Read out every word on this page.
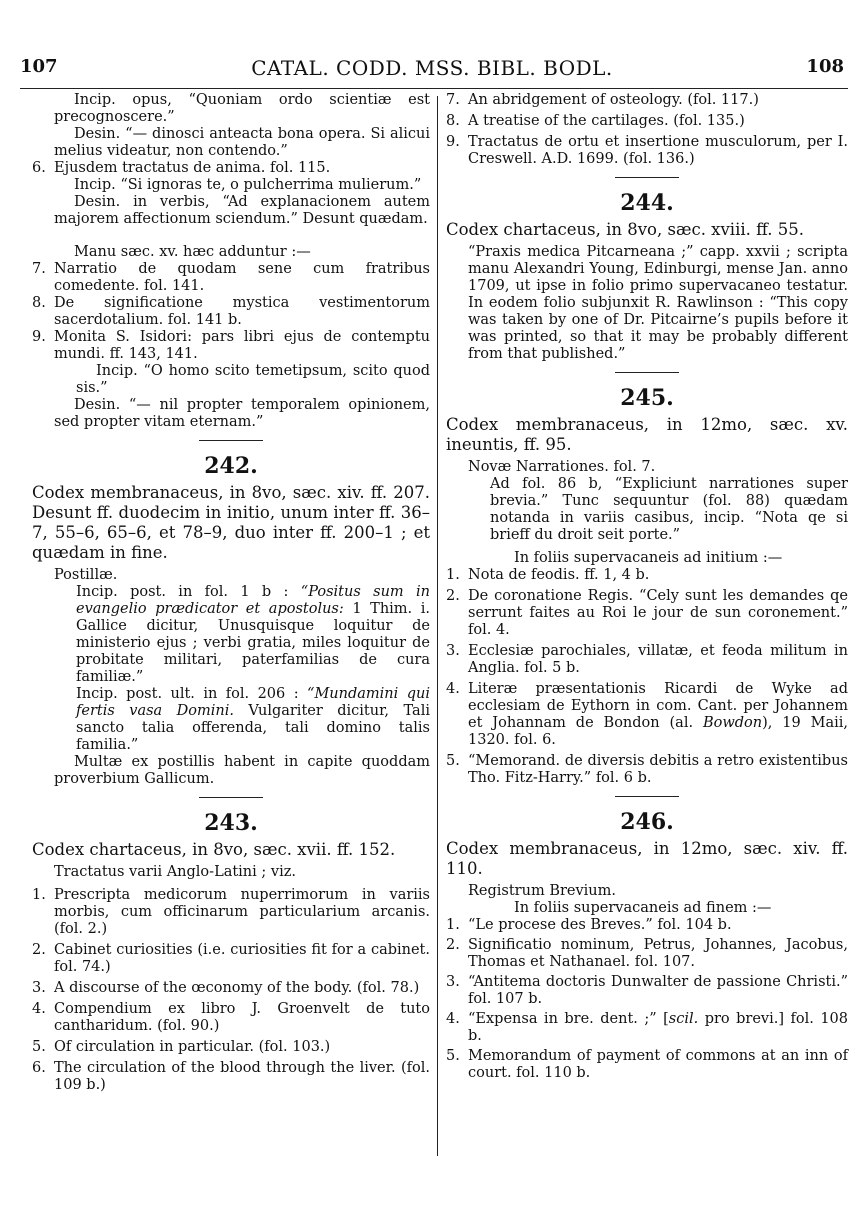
107	CATAL. CODD. MSS. BIBL. BODL.	108

Incip. opus, “Quoniam ordo scientiæ est precognoscere.”

Desin. “— dinosci anteacta bona opera. Si alicui melius videatur, non contendo.”

6. Ejusdem tractatus de anima. fol. 115.

Incip. “Si ignoras te, o pulcherrima mulierum.”

Desin. in verbis, “Ad explanacionem autem majorem affectionum sciendum.” Desunt quædam.

Manu sæc. xv. hæc adduntur :—

7. Narratio de quodam sene cum fratribus comedente. fol. 141.
8. De significatione mystica vestimentorum sacerdotalium. fol. 141 b.
9. Monita S. Isidori: pars libri ejus de contemptu mundi. ff. 143, 141.

Incip. “O homo scito temetipsum, scito quod sis.”

Desin. “— nil propter temporalem opinionem, sed propter vitam eternam.”

242.

Codex membranaceus, in 8vo, sæc. xiv. ff. 207. Desunt ff. duodecim in initio, unum inter ff. 36–7, 55–6, 65–6, et 78–9, duo inter ff. 200–1 ; et quædam in fine.

Postillæ.

Incip. post. in fol. 1 b : “Positus sum in evangelio prædicator et apostolus: 1 Thim. i. Gallice dicitur, Unusquisque loquitur de ministerio ejus ; verbi gratia, miles loquitur de probitate militari, paterfamilias de cura familiæ.”

Incip. post. ult. in fol. 206 : “Mundamini qui fertis vasa Domini. Vulgariter dicitur, Tali sancto talia offerenda, tali domino talis familia.”

Multæ ex postillis habent in capite quoddam proverbium Gallicum.

243.

Codex chartaceus, in 8vo, sæc. xvii. ff. 152.

Tractatus varii Anglo-Latini ; viz.

1. Prescripta medicorum nuperrimorum in variis morbis, cum officinarum particularium arcanis. (fol. 2.)
2. Cabinet curiosities (i.e. curiosities fit for a cabinet. fol. 74.)
3. A discourse of the œconomy of the body. (fol. 78.)
4. Compendium ex libro J. Groenvelt de tuto cantharidum. (fol. 90.)
5. Of circulation in particular. (fol. 103.)
6. The circulation of the blood through the liver. (fol. 109 b.)
7. An abridgement of osteology. (fol. 117.)
8. A treatise of the cartilages. (fol. 135.)
9. Tractatus de ortu et insertione musculorum, per I. Creswell. A.D. 1699. (fol. 136.)
244.

Codex chartaceus, in 8vo, sæc. xviii. ff. 55.

“Praxis medica Pitcarneana ;” capp. xxvii ; scripta manu Alexandri Young, Edinburgi, mense Jan. anno 1709, ut ipse in folio primo supervacaneo testatur. In eodem folio subjunxit R. Rawlinson : “This copy was taken by one of Dr. Pitcairne’s pupils before it was printed, so that it may be probably different from that published.”

245.

Codex membranaceus, in 12mo, sæc. xv. ineuntis, ff. 95.

Novæ Narrationes. fol. 7.

Ad fol. 86 b, “Expliciunt narrationes super brevia.” Tunc sequuntur (fol. 88) quædam notanda in variis casibus, incip. “Nota qe si brieff du droit seit porte.”

In foliis supervacaneis ad initium :—

1. Nota de feodis. ff. 1, 4 b.
2. De coronatione Regis. “Cely sunt les demandes qe serrunt faites au Roi le jour de sun coronement.” fol. 4.
3. Ecclesiæ parochiales, villatæ, et feoda militum in Anglia. fol. 5 b.
4. Literæ præsentationis Ricardi de Wyke ad ecclesiam de Eythorn in com. Cant. per Johannem et Johannam de Bondon (al. Bowdon), 19 Maii, 1320. fol. 6.
5. “Memorand. de diversis debitis a retro existentibus Tho. Fitz-Harry.” fol. 6 b.
246.

Codex membranaceus, in 12mo, sæc. xiv. ff. 110.

Registrum Brevium.

In foliis supervacaneis ad finem :—

1. “Le procese des Breves.” fol. 104 b.
2. Significatio nominum, Petrus, Johannes, Jacobus, Thomas et Nathanael. fol. 107.
3. “Antitema doctoris Dunwalter de passione Christi.” fol. 107 b.
4. “Expensa in bre. dent. ;” [scil. pro brevi.] fol. 108 b.
5. Memorandum of payment of commons at an inn of court. fol. 110 b.
